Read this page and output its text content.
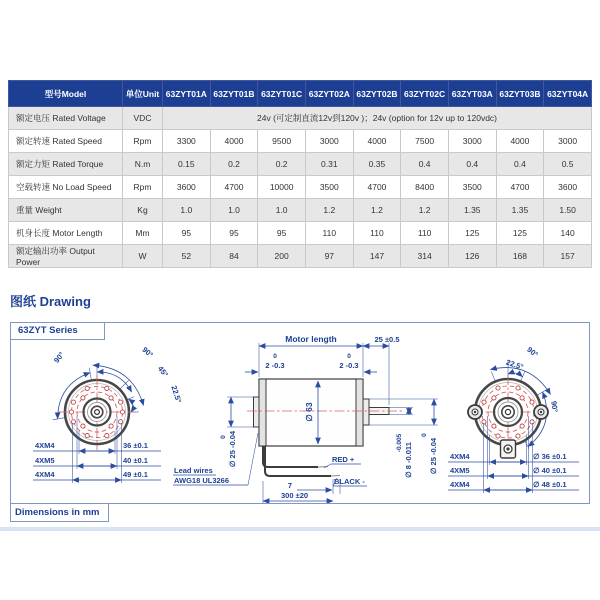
型号Model	单位Unit	63ZYT01A	63ZYT01B	63ZYT01C	63ZYT02A	63ZYT02B	63ZYT02C	63ZYT03A	63ZYT03B	63ZYT04A
额定电压 Rated Voltage	VDC	24v (可定制直流12v到120v )；24v (option for 12v up to 120vdc)								
额定转速 Rated Speed	Rpm	3300	4000	9500	3000	4000	7500	3000	4000	3000
额定力矩 Rated Torque	N.m	0.15	0.2	0.2	0.31	0.35	0.4	0.4	0.4	0.5
空载转速 No Load Speed	Rpm	3600	4700	10000	3500	4700	8400	3500	4700	3600
重量 Weight	Kg	1.0	1.0	1.0	1.2	1.2	1.2	1.35	1.35	1.50
机身长度 Motor Length	Mm	95	95	95	110	110	110	125	125	140
额定输出功率 Output Power	W	52	84	200	97	147	314	126	168	157
图纸 Drawing
63ZYT Series
Dimensions in mm
90°	90°
45°
22.5°
4XM4	36 ±0.1
4XM5	40 ±0.1
4XM4	49 ±0.1
Motor length	25 ±0.5
0
2 -0.3
0
2 -0.3
∅ 63
0 ∅ 25 -0.04	-0.005 ∅ 8 -0.011
0
∅ 25 -0.04
RED +
BLACK -
7
300 ±20
Lead wires
AWG18 UL3266
90°
22.5°
90°
4XM4	∅ 36 ±0.1
4XM5	∅ 40 ±0.1
4XM4	∅ 48 ±0.1
